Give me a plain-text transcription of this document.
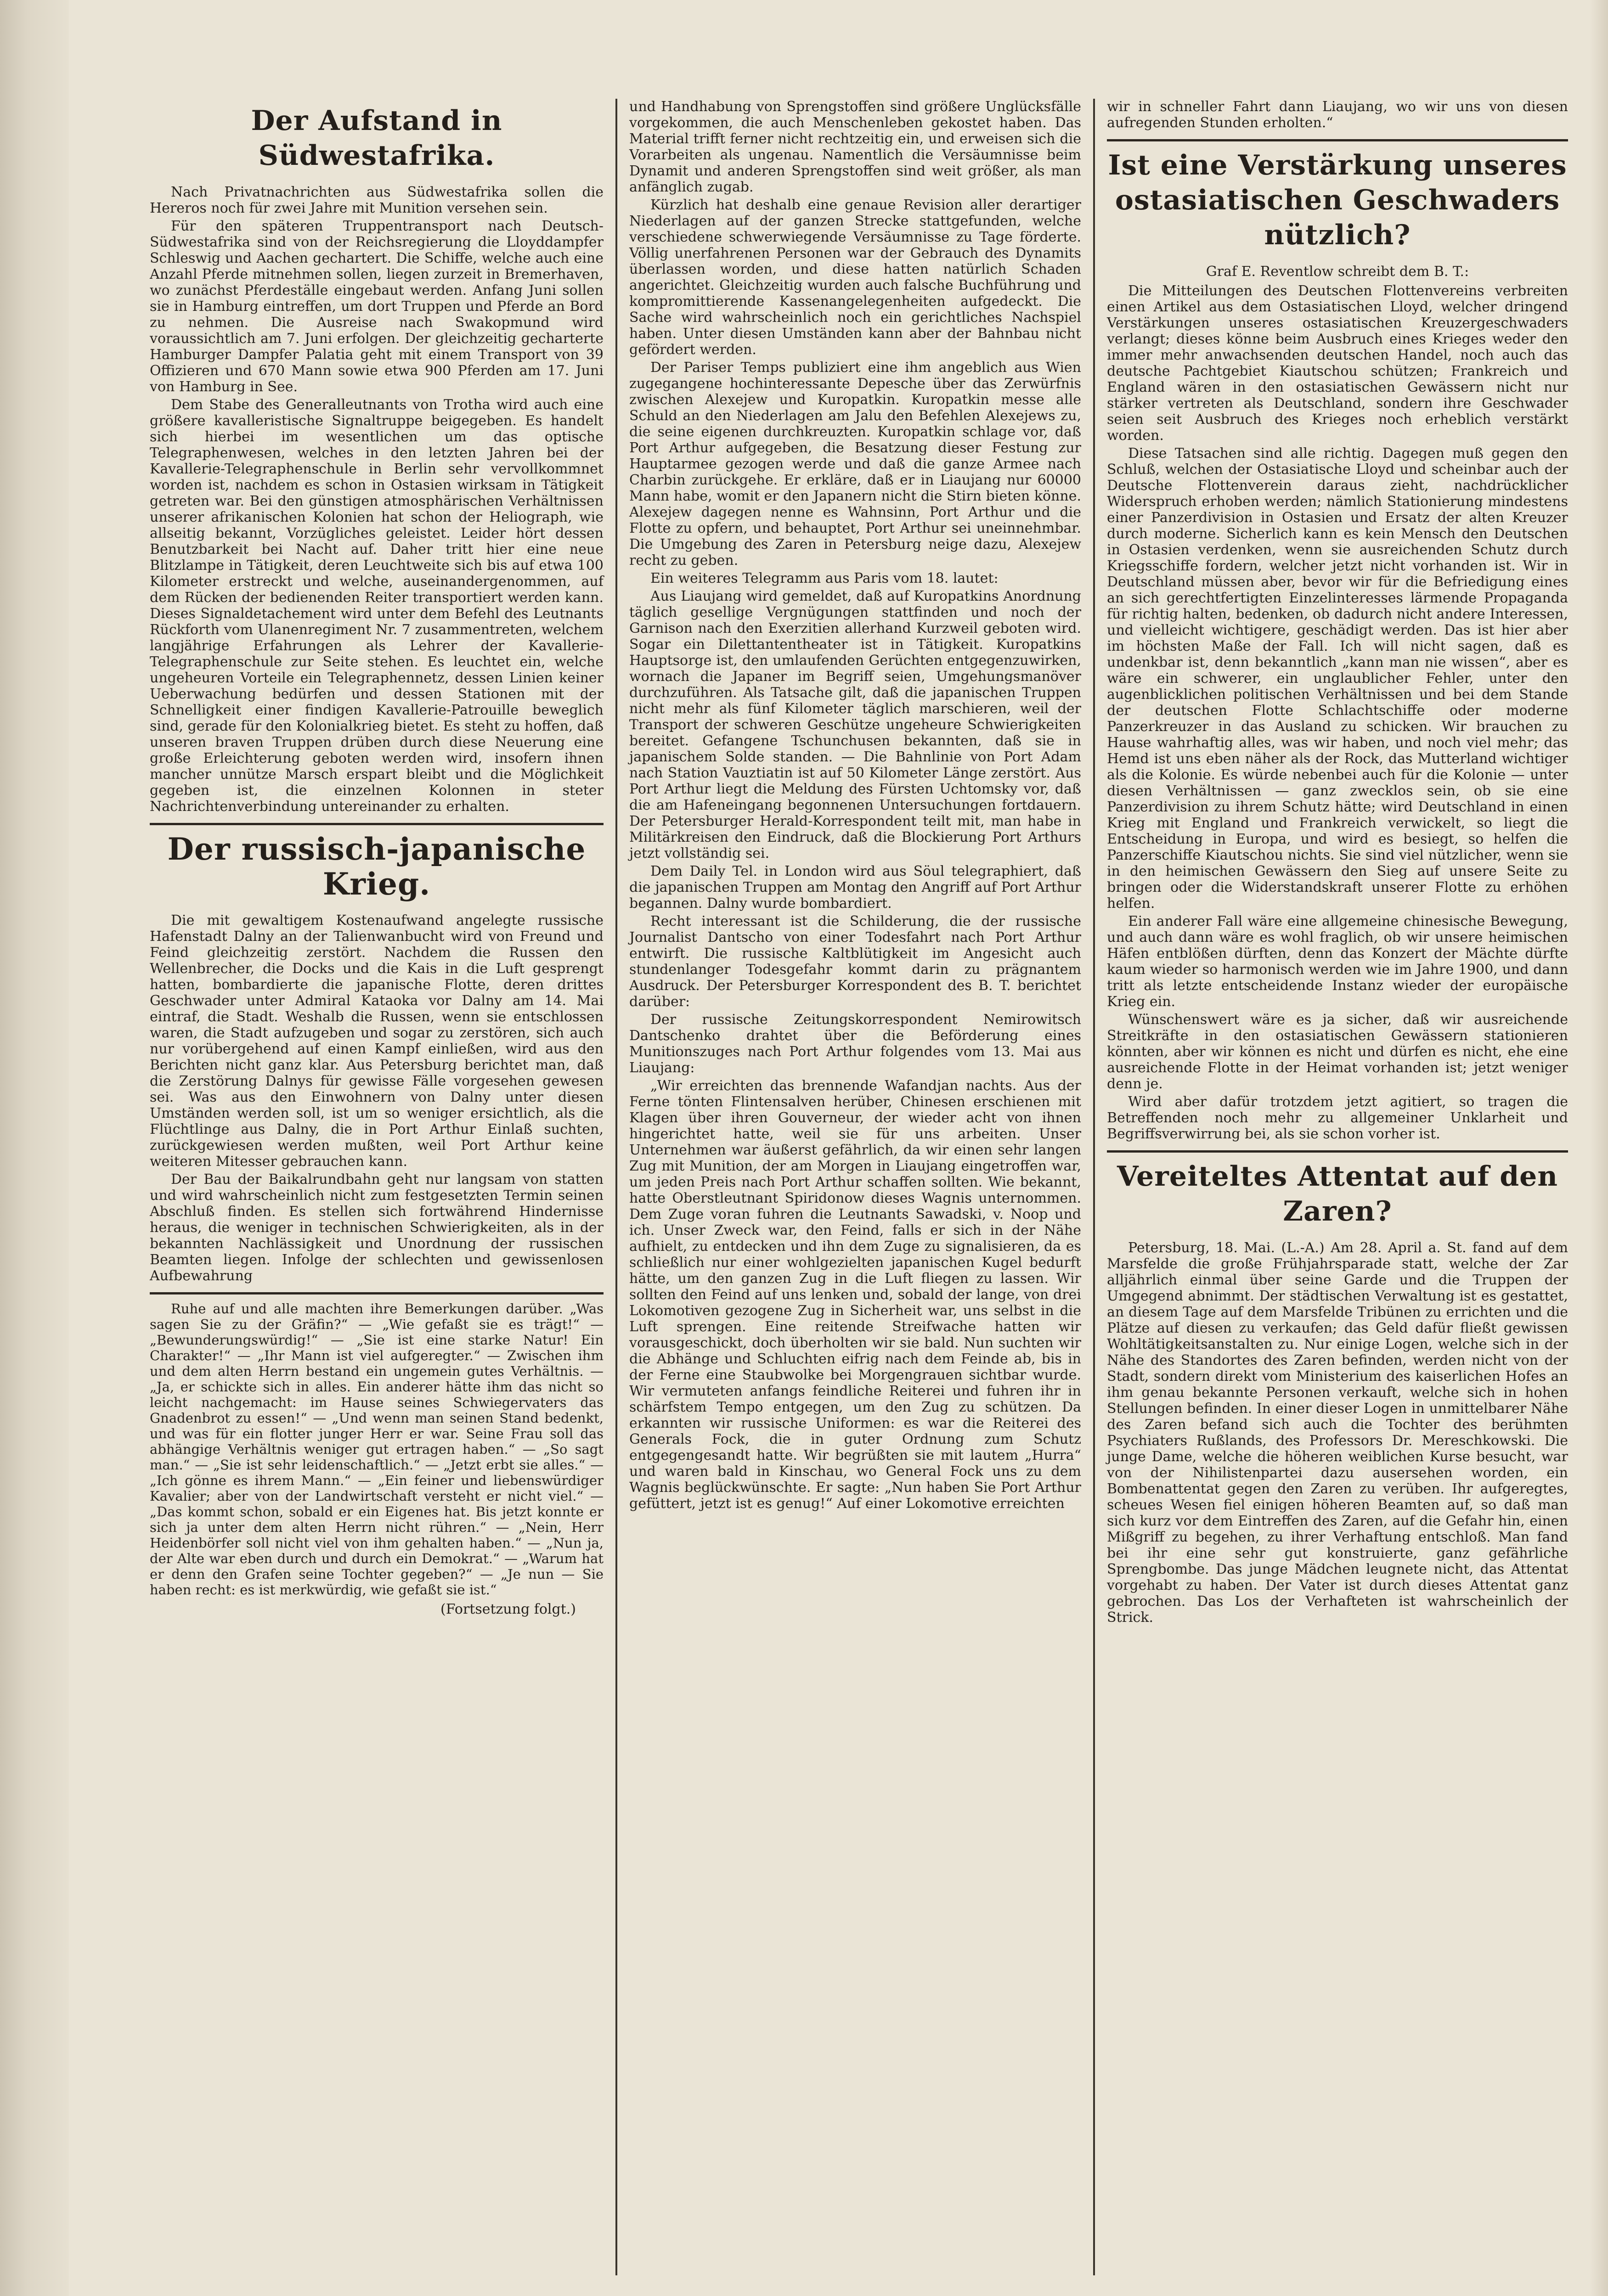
Der Aufstand in Südwestafrika.

Nach Privatnachrichten aus Südwestafrika sollen die Hereros noch für zwei Jahre mit Munition versehen sein.

Für den späteren Truppentransport nach Deutsch-Südwestafrika sind von der Reichsregierung die Lloyddampfer Schleswig und Aachen gechartert. Die Schiffe, welche auch eine Anzahl Pferde mitnehmen sollen, liegen zurzeit in Bremerhaven, wo zunächst Pferdeställe eingebaut werden. Anfang Juni sollen sie in Hamburg eintreffen, um dort Truppen und Pferde an Bord zu nehmen. Die Ausreise nach Swakopmund wird voraussichtlich am 7. Juni erfolgen. Der gleichzeitig gecharterte Hamburger Dampfer Palatia geht mit einem Transport von 39 Offizieren und 670 Mann sowie etwa 900 Pferden am 17. Juni von Hamburg in See.

Dem Stabe des Generalleutnants von Trotha wird auch eine größere kavalleristische Signaltruppe beigegeben. Es handelt sich hierbei im wesentlichen um das optische Telegraphenwesen, welches in den letzten Jahren bei der Kavallerie-Telegraphenschule in Berlin sehr vervollkommnet worden ist, nachdem es schon in Ostasien wirksam in Tätigkeit getreten war. Bei den günstigen atmosphärischen Verhältnissen unserer afrikanischen Kolonien hat schon der Heliograph, wie allseitig bekannt, Vorzügliches geleistet. Leider hört dessen Benutzbarkeit bei Nacht auf. Daher tritt hier eine neue Blitzlampe in Tätigkeit, deren Leuchtweite sich bis auf etwa 100 Kilometer erstreckt und welche, auseinandergenommen, auf dem Rücken der bedienenden Reiter transportiert werden kann. Dieses Signaldetachement wird unter dem Befehl des Leutnants Rückforth vom Ulanenregiment Nr. 7 zusammentreten, welchem langjährige Erfahrungen als Lehrer der Kavallerie-Telegraphenschule zur Seite stehen. Es leuchtet ein, welche ungeheuren Vorteile ein Telegraphennetz, dessen Linien keiner Ueberwachung bedürfen und dessen Stationen mit der Schnelligkeit einer findigen Kavallerie-Patrouille beweglich sind, gerade für den Kolonialkrieg bietet. Es steht zu hoffen, daß unseren braven Truppen drüben durch diese Neuerung eine große Erleichterung geboten werden wird, insofern ihnen mancher unnütze Marsch erspart bleibt und die Möglichkeit gegeben ist, die einzelnen Kolonnen in steter Nachrichtenverbindung untereinander zu erhalten.

Der russisch-japanische Krieg.

Die mit gewaltigem Kostenaufwand angelegte russische Hafenstadt Dalny an der Talienwanbucht wird von Freund und Feind gleichzeitig zerstört. Nachdem die Russen den Wellenbrecher, die Docks und die Kais in die Luft gesprengt hatten, bombardierte die japanische Flotte, deren drittes Geschwader unter Admiral Kataoka vor Dalny am 14. Mai eintraf, die Stadt. Weshalb die Russen, wenn sie entschlossen waren, die Stadt aufzugeben und sogar zu zerstören, sich auch nur vorübergehend auf einen Kampf einließen, wird aus den Berichten nicht ganz klar. Aus Petersburg berichtet man, daß die Zerstörung Dalnys für gewisse Fälle vorgesehen gewesen sei. Was aus den Einwohnern von Dalny unter diesen Umständen werden soll, ist um so weniger ersichtlich, als die Flüchtlinge aus Dalny, die in Port Arthur Einlaß suchten, zurückgewiesen werden mußten, weil Port Arthur keine weiteren Mitesser gebrauchen kann.

Der Bau der Baikalrundbahn geht nur langsam von statten und wird wahrscheinlich nicht zum festgesetzten Termin seinen Abschluß finden. Es stellen sich fortwährend Hindernisse heraus, die weniger in technischen Schwierigkeiten, als in der bekannten Nachlässigkeit und Unordnung der russischen Beamten liegen. Infolge der schlechten und gewissenlosen Aufbewahrung

Ruhe auf und alle machten ihre Bemerkungen darüber. „Was sagen Sie zu der Gräfin?“ — „Wie gefaßt sie es trägt!“ — „Bewunderungswürdig!“ — „Sie ist eine starke Natur! Ein Charakter!“ — „Ihr Mann ist viel aufgeregter.“ — Zwischen ihm und dem alten Herrn bestand ein ungemein gutes Verhältnis. — „Ja, er schickte sich in alles. Ein anderer hätte ihm das nicht so leicht nachgemacht: im Hause seines Schwiegervaters das Gnadenbrot zu essen!“ — „Und wenn man seinen Stand bedenkt, und was für ein flotter junger Herr er war. Seine Frau soll das abhängige Verhältnis weniger gut ertragen haben.“ — „So sagt man.“ — „Sie ist sehr leidenschaftlich.“ — „Jetzt erbt sie alles.“ — „Ich gönne es ihrem Mann.“ — „Ein feiner und liebenswürdiger Kavalier; aber von der Landwirtschaft versteht er nicht viel.“ — „Das kommt schon, sobald er ein Eigenes hat. Bis jetzt konnte er sich ja unter dem alten Herrn nicht rühren.“ — „Nein, Herr Heidenbörfer soll nicht viel von ihm gehalten haben.“ — „Nun ja, der Alte war eben durch und durch ein Demokrat.“ — „Warum hat er denn den Grafen seine Tochter gegeben?“ — „Je nun — Sie haben recht: es ist merkwürdig, wie gefaßt sie ist.“

(Fortsetzung folgt.)

und Handhabung von Sprengstoffen sind größere Unglücksfälle vorgekommen, die auch Menschenleben gekostet haben. Das Material trifft ferner nicht rechtzeitig ein, und erweisen sich die Vorarbeiten als ungenau. Namentlich die Versäumnisse beim Dynamit und anderen Sprengstoffen sind weit größer, als man anfänglich zugab.

Kürzlich hat deshalb eine genaue Revision aller derartiger Niederlagen auf der ganzen Strecke stattgefunden, welche verschiedene schwerwiegende Versäumnisse zu Tage förderte. Völlig unerfahrenen Personen war der Gebrauch des Dynamits überlassen worden, und diese hatten natürlich Schaden angerichtet. Gleichzeitig wurden auch falsche Buchführung und kompromittierende Kassenangelegenheiten aufgedeckt. Die Sache wird wahrscheinlich noch ein gerichtliches Nachspiel haben. Unter diesen Umständen kann aber der Bahnbau nicht gefördert werden.

Der Pariser Temps publiziert eine ihm angeblich aus Wien zugegangene hochinteressante Depesche über das Zerwürfnis zwischen Alexejew und Kuropatkin. Kuropatkin messe alle Schuld an den Niederlagen am Jalu den Befehlen Alexejews zu, die seine eigenen durchkreuzten. Kuropatkin schlage vor, daß Port Arthur aufgegeben, die Besatzung dieser Festung zur Hauptarmee gezogen werde und daß die ganze Armee nach Charbin zurückgehe. Er erkläre, daß er in Liaujang nur 60000 Mann habe, womit er den Japanern nicht die Stirn bieten könne. Alexejew dagegen nenne es Wahnsinn, Port Arthur und die Flotte zu opfern, und behauptet, Port Arthur sei uneinnehmbar. Die Umgebung des Zaren in Petersburg neige dazu, Alexejew recht zu geben.

Ein weiteres Telegramm aus Paris vom 18. lautet:

Aus Liaujang wird gemeldet, daß auf Kuropatkins Anordnung täglich gesellige Vergnügungen stattfinden und noch der Garnison nach den Exerzitien allerhand Kurzweil geboten wird. Sogar ein Dilettantentheater ist in Tätigkeit. Kuropatkins Hauptsorge ist, den umlaufenden Gerüchten entgegenzuwirken, wornach die Japaner im Begriff seien, Umgehungsmanöver durchzuführen. Als Tatsache gilt, daß die japanischen Truppen nicht mehr als fünf Kilometer täglich marschieren, weil der Transport der schweren Geschütze ungeheure Schwierigkeiten bereitet. Gefangene Tschunchusen bekannten, daß sie in japanischem Solde standen. — Die Bahnlinie von Port Adam nach Station Vauztiatin ist auf 50 Kilometer Länge zerstört. Aus Port Arthur liegt die Meldung des Fürsten Uchtomsky vor, daß die am Hafeneingang begonnenen Untersuchungen fortdauern. Der Petersburger Herald-Korrespondent teilt mit, man habe in Militärkreisen den Eindruck, daß die Blockierung Port Arthurs jetzt vollständig sei.

Dem Daily Tel. in London wird aus Söul telegraphiert, daß die japanischen Truppen am Montag den Angriff auf Port Arthur begannen. Dalny wurde bombardiert.

Recht interessant ist die Schilderung, die der russische Journalist Dantscho von einer Todesfahrt nach Port Arthur entwirft. Die russische Kaltblütigkeit im Angesicht auch stundenlanger Todesgefahr kommt darin zu prägnantem Ausdruck. Der Petersburger Korrespondent des B. T. berichtet darüber:

Der russische Zeitungskorrespondent Nemirowitsch Dantschenko drahtet über die Beförderung eines Munitionszuges nach Port Arthur folgendes vom 13. Mai aus Liaujang:

„Wir erreichten das brennende Wafandjan nachts. Aus der Ferne tönten Flintensalven herüber, Chinesen erschienen mit Klagen über ihren Gouverneur, der wieder acht von ihnen hingerichtet hatte, weil sie für uns arbeiten. Unser Unternehmen war äußerst gefährlich, da wir einen sehr langen Zug mit Munition, der am Morgen in Liaujang eingetroffen war, um jeden Preis nach Port Arthur schaffen sollten. Wie bekannt, hatte Oberstleutnant Spiridonow dieses Wagnis unternommen. Dem Zuge voran fuhren die Leutnants Sawadski, v. Noop und ich. Unser Zweck war, den Feind, falls er sich in der Nähe aufhielt, zu entdecken und ihn dem Zuge zu signalisieren, da es schließlich nur einer wohlgezielten japanischen Kugel bedurft hätte, um den ganzen Zug in die Luft fliegen zu lassen. Wir sollten den Feind auf uns lenken und, sobald der lange, von drei Lokomotiven gezogene Zug in Sicherheit war, uns selbst in die Luft sprengen. Eine reitende Streifwache hatten wir vorausgeschickt, doch überholten wir sie bald. Nun suchten wir die Abhänge und Schluchten eifrig nach dem Feinde ab, bis in der Ferne eine Staubwolke bei Morgengrauen sichtbar wurde. Wir vermuteten anfangs feindliche Reiterei und fuhren ihr in schärfstem Tempo entgegen, um den Zug zu schützen. Da erkannten wir russische Uniformen: es war die Reiterei des Generals Fock, die in guter Ordnung zum Schutz entgegengesandt hatte. Wir begrüßten sie mit lautem „Hurra“ und waren bald in Kinschau, wo General Fock uns zu dem Wagnis beglückwünschte. Er sagte: „Nun haben Sie Port Arthur gefüttert, jetzt ist es genug!“ Auf einer Lokomotive erreichten

wir in schneller Fahrt dann Liaujang, wo wir uns von diesen aufregenden Stunden erholten.“

Ist eine Verstärkung unseres ostasiatischen Geschwaders nützlich?
Graf E. Reventlow schreibt dem B. T.:

Die Mitteilungen des Deutschen Flottenvereins verbreiten einen Artikel aus dem Ostasiatischen Lloyd, welcher dringend Verstärkungen unseres ostasiatischen Kreuzergeschwaders verlangt; dieses könne beim Ausbruch eines Krieges weder den immer mehr anwachsenden deutschen Handel, noch auch das deutsche Pachtgebiet Kiautschou schützen; Frankreich und England wären in den ostasiatischen Gewässern nicht nur stärker vertreten als Deutschland, sondern ihre Geschwader seien seit Ausbruch des Krieges noch erheblich verstärkt worden.

Diese Tatsachen sind alle richtig. Dagegen muß gegen den Schluß, welchen der Ostasiatische Lloyd und scheinbar auch der Deutsche Flottenverein daraus zieht, nachdrücklicher Widerspruch erhoben werden; nämlich Stationierung mindestens einer Panzerdivision in Ostasien und Ersatz der alten Kreuzer durch moderne. Sicherlich kann es kein Mensch den Deutschen in Ostasien verdenken, wenn sie ausreichenden Schutz durch Kriegsschiffe fordern, welcher jetzt nicht vorhanden ist. Wir in Deutschland müssen aber, bevor wir für die Befriedigung eines an sich gerechtfertigten Einzelinteresses lärmende Propaganda für richtig halten, bedenken, ob dadurch nicht andere Interessen, und vielleicht wichtigere, geschädigt werden. Das ist hier aber im höchsten Maße der Fall. Ich will nicht sagen, daß es undenkbar ist, denn bekanntlich „kann man nie wissen“, aber es wäre ein schwerer, ein unglaublicher Fehler, unter den augenblicklichen politischen Verhältnissen und bei dem Stande der deutschen Flotte Schlachtschiffe oder moderne Panzerkreuzer in das Ausland zu schicken. Wir brauchen zu Hause wahrhaftig alles, was wir haben, und noch viel mehr; das Hemd ist uns eben näher als der Rock, das Mutterland wichtiger als die Kolonie. Es würde nebenbei auch für die Kolonie — unter diesen Verhältnissen — ganz zwecklos sein, ob sie eine Panzerdivision zu ihrem Schutz hätte; wird Deutschland in einen Krieg mit England und Frankreich verwickelt, so liegt die Entscheidung in Europa, und wird es besiegt, so helfen die Panzerschiffe Kiautschou nichts. Sie sind viel nützlicher, wenn sie in den heimischen Gewässern den Sieg auf unsere Seite zu bringen oder die Widerstandskraft unserer Flotte zu erhöhen helfen.

Ein anderer Fall wäre eine allgemeine chinesische Bewegung, und auch dann wäre es wohl fraglich, ob wir unsere heimischen Häfen entblößen dürften, denn das Konzert der Mächte dürfte kaum wieder so harmonisch werden wie im Jahre 1900, und dann tritt als letzte entscheidende Instanz wieder der europäische Krieg ein.

Wünschenswert wäre es ja sicher, daß wir ausreichende Streitkräfte in den ostasiatischen Gewässern stationieren könnten, aber wir können es nicht und dürfen es nicht, ehe eine ausreichende Flotte in der Heimat vorhanden ist; jetzt weniger denn je.

Wird aber dafür trotzdem jetzt agitiert, so tragen die Betreffenden noch mehr zu allgemeiner Unklarheit und Begriffsverwirrung bei, als sie schon vorher ist.

Vereiteltes Attentat auf den Zaren?

Petersburg, 18. Mai. (L.-A.) Am 28. April a. St. fand auf dem Marsfelde die große Frühjahrsparade statt, welche der Zar alljährlich einmal über seine Garde und die Truppen der Umgegend abnimmt. Der städtischen Verwaltung ist es gestattet, an diesem Tage auf dem Marsfelde Tribünen zu errichten und die Plätze auf diesen zu verkaufen; das Geld dafür fließt gewissen Wohltätigkeitsanstalten zu. Nur einige Logen, welche sich in der Nähe des Standortes des Zaren befinden, werden nicht von der Stadt, sondern direkt vom Ministerium des kaiserlichen Hofes an ihm genau bekannte Personen verkauft, welche sich in hohen Stellungen befinden. In einer dieser Logen in unmittelbarer Nähe des Zaren befand sich auch die Tochter des berühmten Psychiaters Rußlands, des Professors Dr. Mereschkowski. Die junge Dame, welche die höheren weiblichen Kurse besucht, war von der Nihilistenpartei dazu ausersehen worden, ein Bombenattentat gegen den Zaren zu verüben. Ihr aufgeregtes, scheues Wesen fiel einigen höheren Beamten auf, so daß man sich kurz vor dem Eintreffen des Zaren, auf die Gefahr hin, einen Mißgriff zu begehen, zu ihrer Verhaftung entschloß. Man fand bei ihr eine sehr gut konstruierte, ganz gefährliche Sprengbombe. Das junge Mädchen leugnete nicht, das Attentat vorgehabt zu haben. Der Vater ist durch dieses Attentat ganz gebrochen. Das Los der Verhafteten ist wahrscheinlich der Strick.
